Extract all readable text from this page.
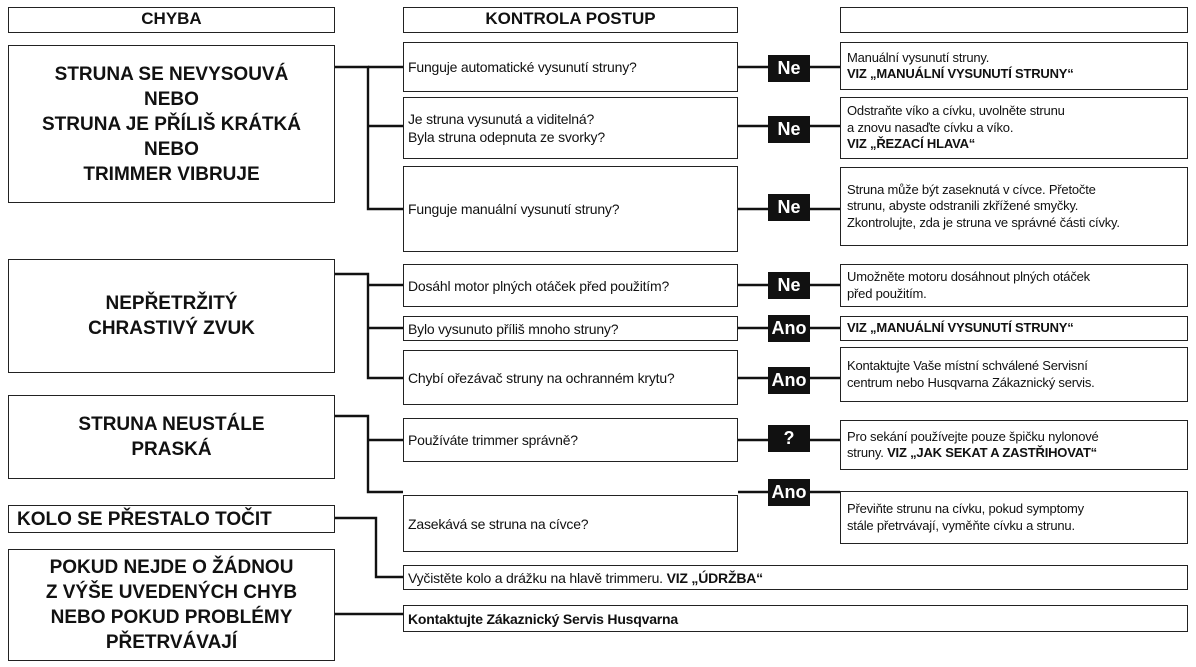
CHYBA	KONTROLA POSTUP
STRUNA SE NEVYSOUVÁ
NEBO
STRUNA JE PŘÍLIŠ KRÁTKÁ
NEBO
TRIMMER VIBRUJE
NEPŘETRŽITÝ
CHRASTIVÝ ZVUK
STRUNA NEUSTÁLE
PRASKÁ
KOLO SE PŘESTALO TOČIT
POKUD NEJDE O ŽÁDNOU
Z VÝŠE UVEDENÝCH CHYB
NEBO POKUD PROBLÉMY
PŘETRVÁVAJÍ
Funguje automatické vysunutí struny?
Je struna vysunutá a viditelná?
Byla struna odepnuta ze svorky?
Funguje manuální vysunutí struny?
Dosáhl motor plných otáček před použitím?
Bylo vysunuto příliš mnoho struny?
Chybí ořezávač struny na ochranném krytu?
Používáte trimmer správně?
Zasekává se struna na cívce?
Vyčistěte kolo a drážku na hlavě trimmeru.
VIZ „ÚDRŽBA“
Kontaktujte Zákaznický Servis Husqvarna
Ne
Ne
Ne
Ne
Ano
Ano
?
Ano
Manuální vysunutí struny.
VIZ „MANUÁLNÍ VYSUNUTÍ STRUNY“
Odstraňte víko a cívku, uvolněte strunu
a znovu nasaďte cívku a víko.
VIZ „ŘEZACÍ HLAVA“
Struna může být zaseknutá v cívce. Přetočte
strunu, abyste odstranili zkřížené smyčky.
Zkontrolujte, zda je struna ve správné části cívky.
Umožněte motoru dosáhnout plných otáček
před použitím.
VIZ „MANUÁLNÍ VYSUNUTÍ STRUNY“
Kontaktujte Vaše místní schválené Servisní
centrum nebo Husqvarna Zákaznický servis.
Pro sekání používejte pouze špičku nylonové
struny. VIZ „JAK SEKAT A ZASTŘIHOVAT“
Převiňte strunu na cívku, pokud symptomy
stále přetrvávají, vyměňte cívku a strunu.
